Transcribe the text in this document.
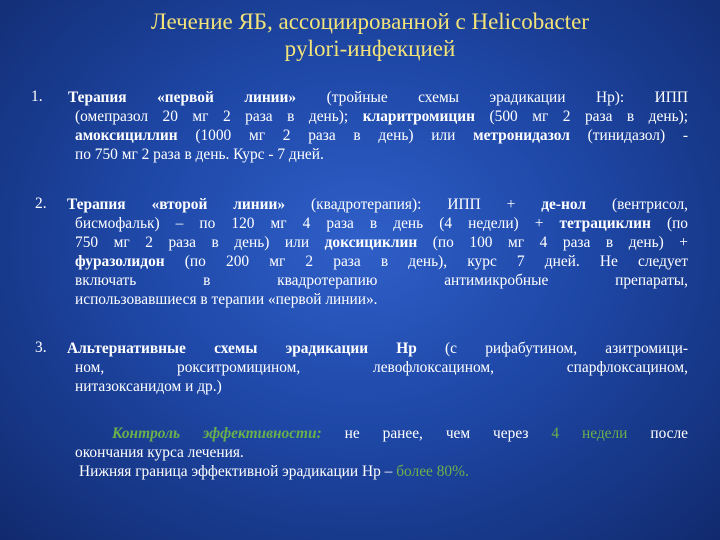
Лечение ЯБ, ассоциированной с Helicobacter
pylori-инфекцией
1. Терапия «первой линии» (тройные схемы эрадикации Hp): ИПП
(омепразол 20 мг 2 раза в день); кларитромицин (500 мг 2 раза в день);
амоксициллин (1000 мг 2 раза в день) или метронидазол (тинидазол) -
по 750 мг 2 раза в день. Курс - 7 дней.
2. Терапия «второй линии» (квадротерапия): ИПП + де-нол (вентрисол,
бисмофальк) – по 120 мг 4 раза в день (4 недели) + тетрациклин (по
750 мг 2 раза в день) или доксициклин (по 100 мг 4 раза в день) +
фуразолидон (по 200 мг 2 раза в день), курс 7 дней. Не следует
включать в квадротерапию антимикробные препараты,
использовавшиеся в терапии «первой линии».
3. Альтернативные схемы эрадикации Hp (с рифабутином, азитромици-
ном, рокситромицином, левофлоксацином, спарфлоксацином,
нитазоксанидом и др.)
Контроль эффективности: не ранее, чем через 4 недели после
окончания курса лечения.
Нижняя граница эффективной эрадикации Hp – более 80%.
